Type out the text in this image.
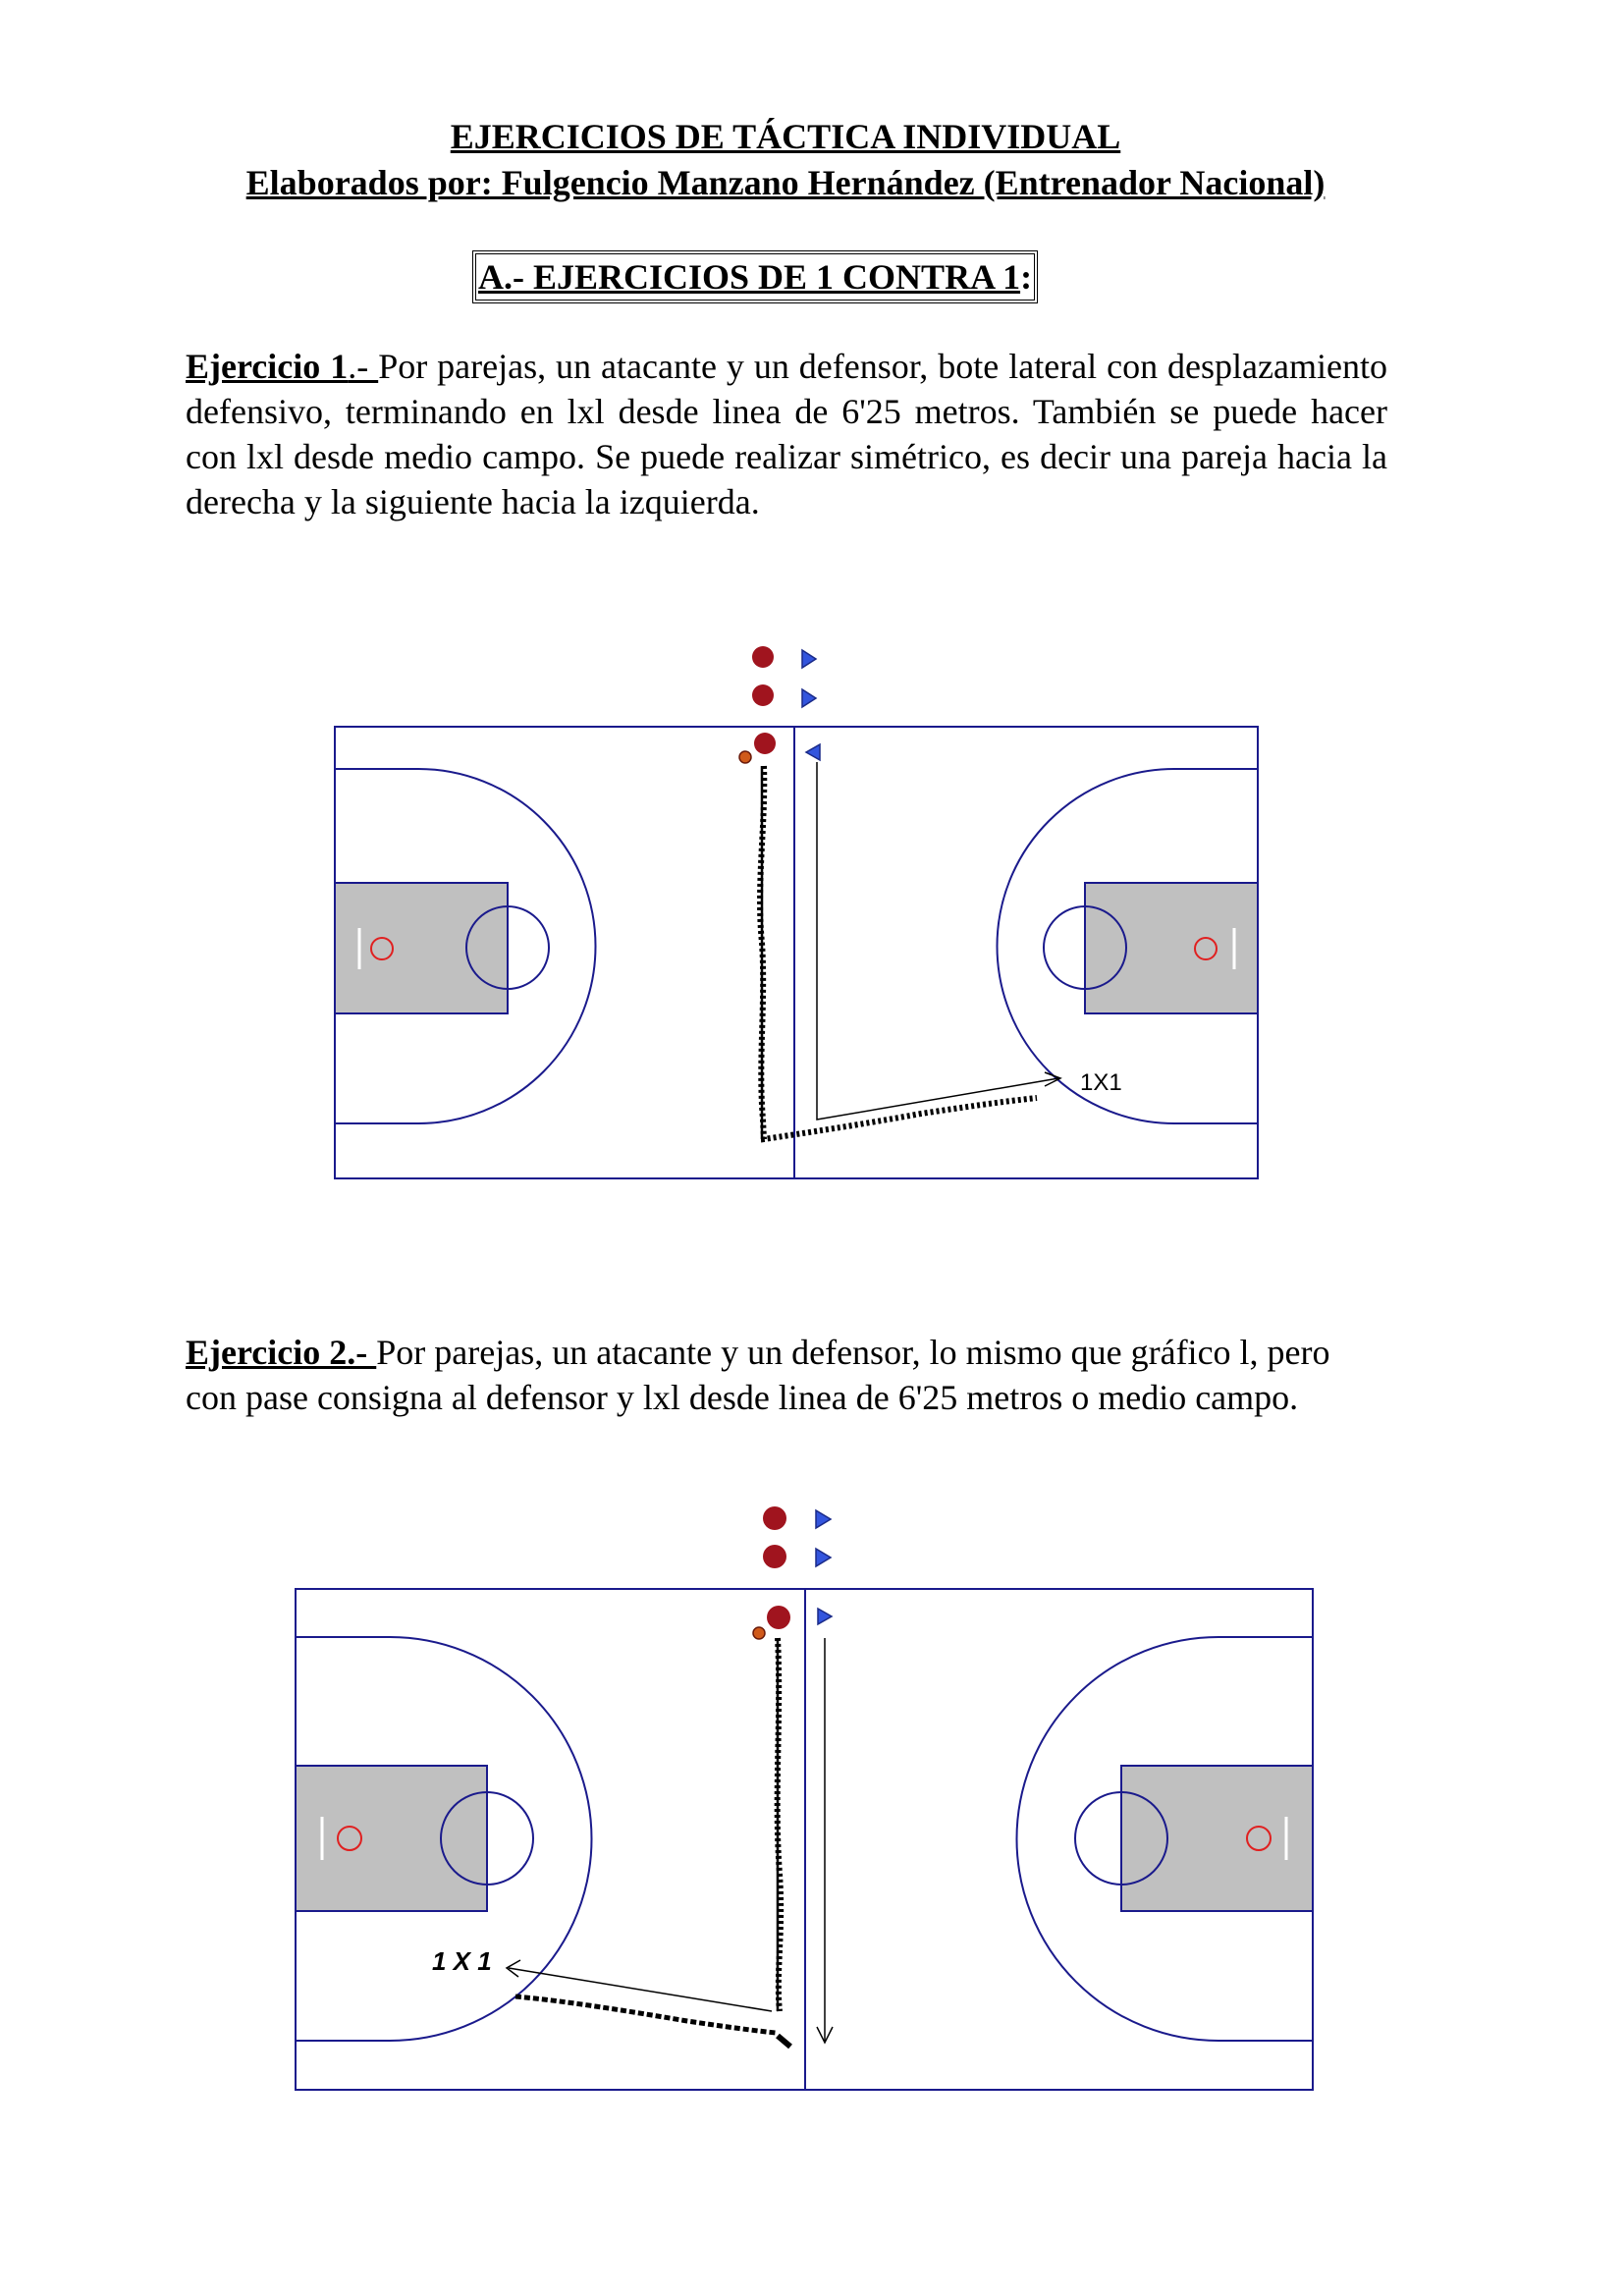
EJERCICIOS DE TÁCTICA INDIVIDUAL
Elaborados por: Fulgencio Manzano Hernández (Entrenador Nacional)
A.- EJERCICIOS DE 1 CONTRA 1:
Ejercicio 1.- Por parejas, un atacante y un defensor, bote lateral con desplazamiento defensivo, terminando en lxl desde linea de 6'25 metros. También se puede hacer con lxl desde medio campo. Se puede realizar simétrico, es decir una pareja hacia la derecha y la siguiente hacia la izquierda.
1X1
Ejercicio 2.- Por parejas, un atacante y un defensor, lo mismo que gráfico l, pero con pase consigna al defensor y lxl desde linea de 6'25 metros o medio campo.
1 X 1
